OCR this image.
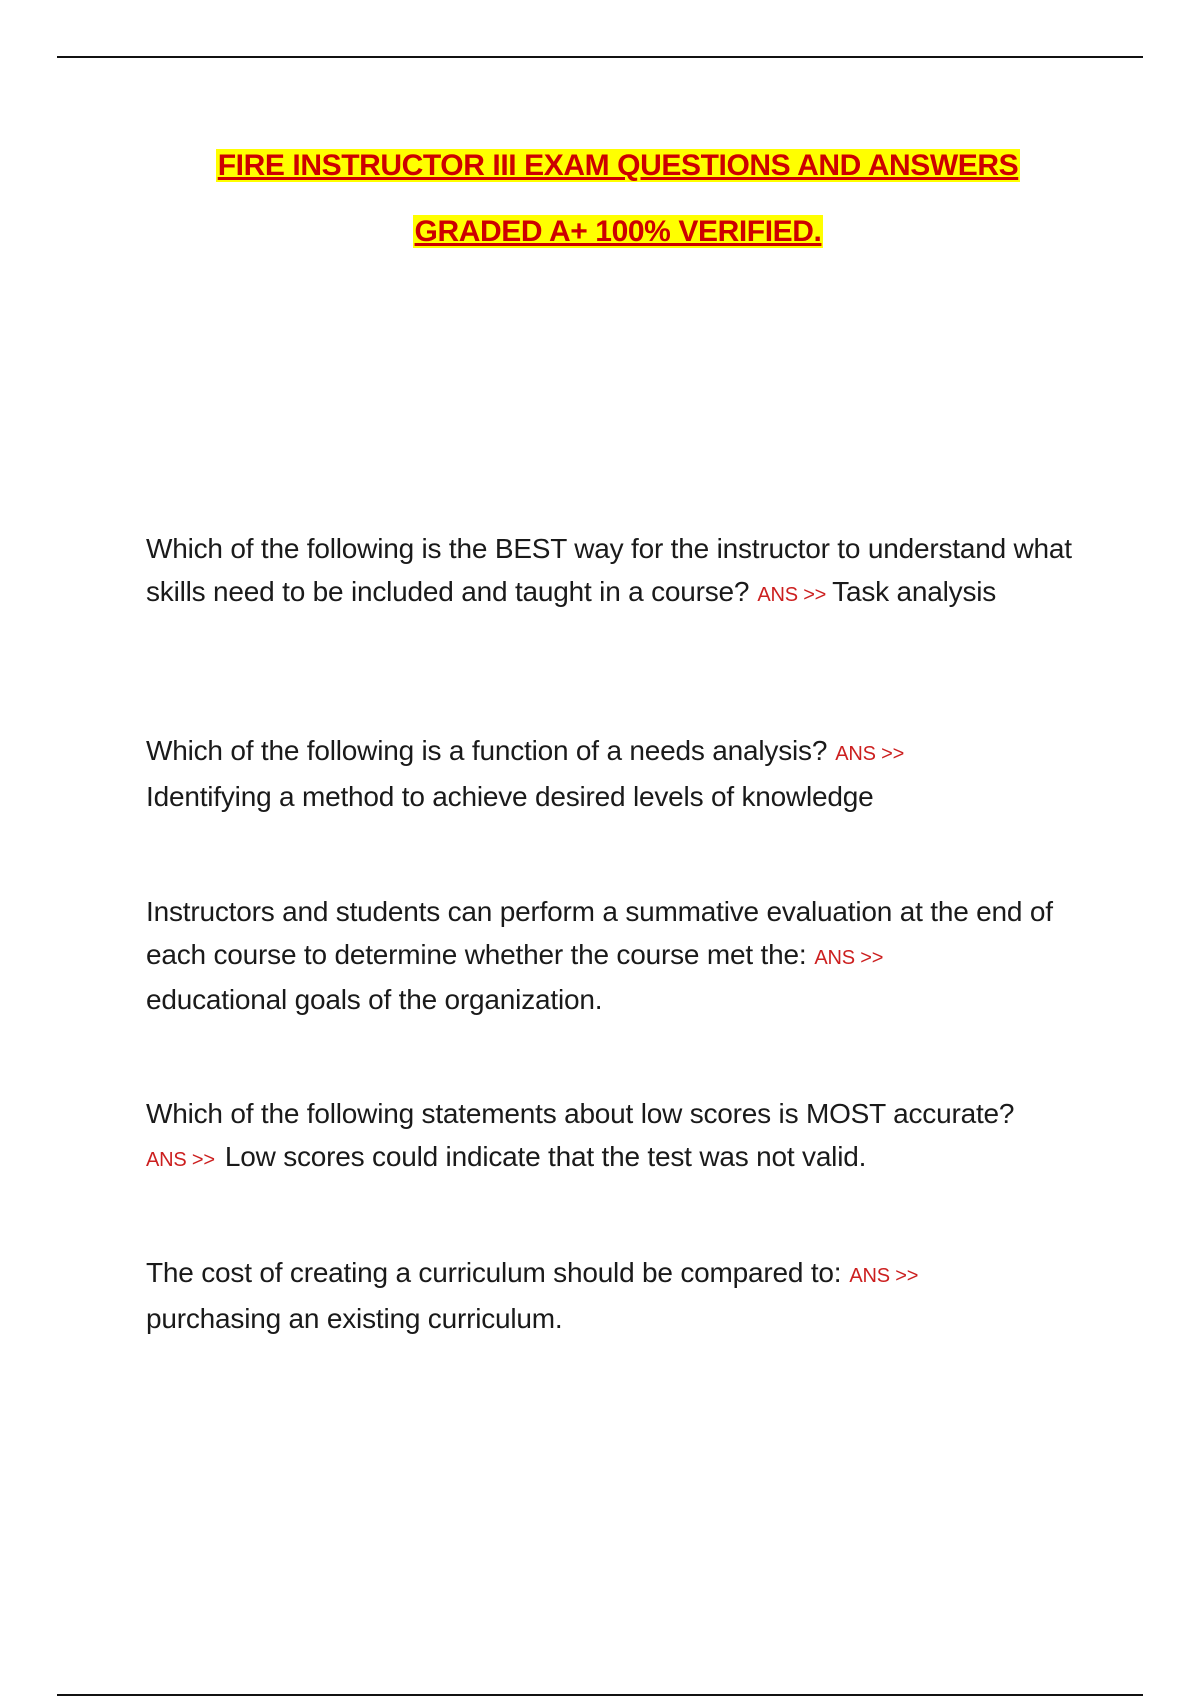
FIRE INSTRUCTOR III EXAM QUESTIONS AND ANSWERS

GRADED A+ 100% VERIFIED.

Which of the following is the BEST way for the instructor to understand what skills need to be included and taught in a course? ANS >> Task analysis

Which of the following is a function of a needs analysis? ANS >>
Identifying a method to achieve desired levels of knowledge

Instructors and students can perform a summative evaluation at the end of each course to determine whether the course met the: ANS >>
educational goals of the organization.

Which of the following statements about low scores is MOST accurate?
ANS >> Low scores could indicate that the test was not valid.

The cost of creating a curriculum should be compared to: ANS >>
purchasing an existing curriculum.
